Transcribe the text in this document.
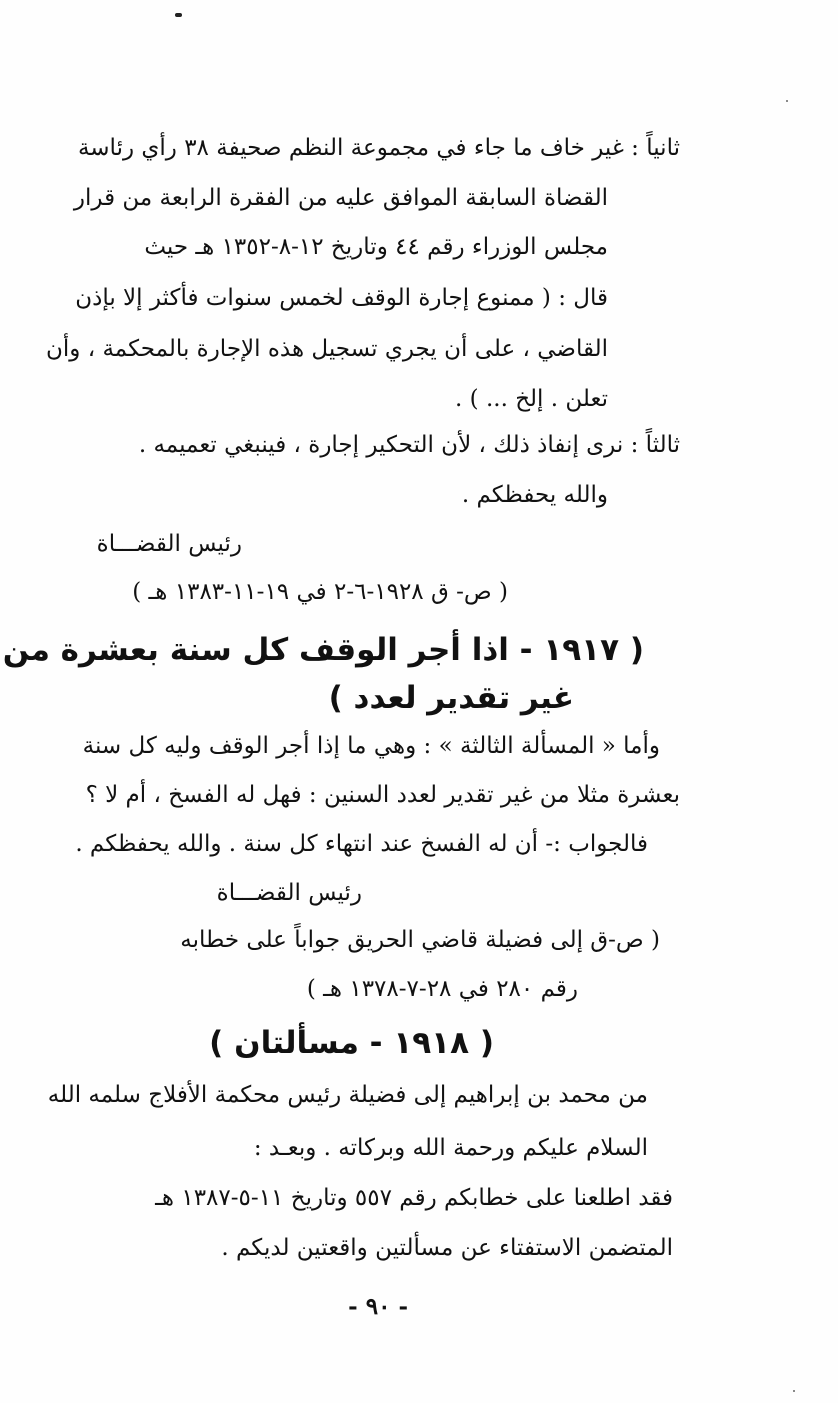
ثانياً : غير خاف ما جاء في مجموعة النظم صحيفة ٣٨ رأي رئاسة
القضاة السابقة الموافق عليه من الفقرة الرابعة من قرار
مجلس الوزراء رقم ٤٤ وتاريخ ١٢-٨-١٣٥٢ هـ حيث
قال : ( ممنوع إجارة الوقف لخمس سنوات فأكثر إلا بإذن
القاضي ، على أن يجري تسجيل هذه الإجارة بالمحكمة ، وأن
تعلن . إلخ ... ) .
ثالثاً : نرى إنفاذ ذلك ، لأن التحكير إجارة ، فينبغي تعميمه .
والله يحفظكم .
رئيس القضـــاة
( ص- ق ١٩٢٨-٦-٢ في ١٩-١١-١٣٨٣ هـ )
( ١٩١٧ - اذا أجر الوقف كل سنة بعشرة من
غير تقدير لعدد )
وأما « المسألة الثالثة » : وهي ما إذا أجر الوقف وليه كل سنة
بعشرة مثلا من غير تقدير لعدد السنين : فهل له الفسخ ، أم لا ؟
فالجواب :- أن له الفسخ عند انتهاء كل سنة . والله يحفظكم .
رئيس القضـــاة
( ص-ق إلى فضيلة قاضي الحريق جواباً على خطابه
رقم ٢٨٠ في ٢٨-٧-١٣٧٨ هـ )
( ١٩١٨ - مسألتان )
من محمد بن إبراهيم إلى فضيلة رئيس محكمة الأفلاج سلمه الله
السلام عليكم ورحمة الله وبركاته . وبعـد :
فقد اطلعنا على خطابكم رقم ٥٥٧ وتاريخ ١١-٥-١٣٨٧ هـ
المتضمن الاستفتاء عن مسألتين واقعتين لديكم .
- ٩٠ -
